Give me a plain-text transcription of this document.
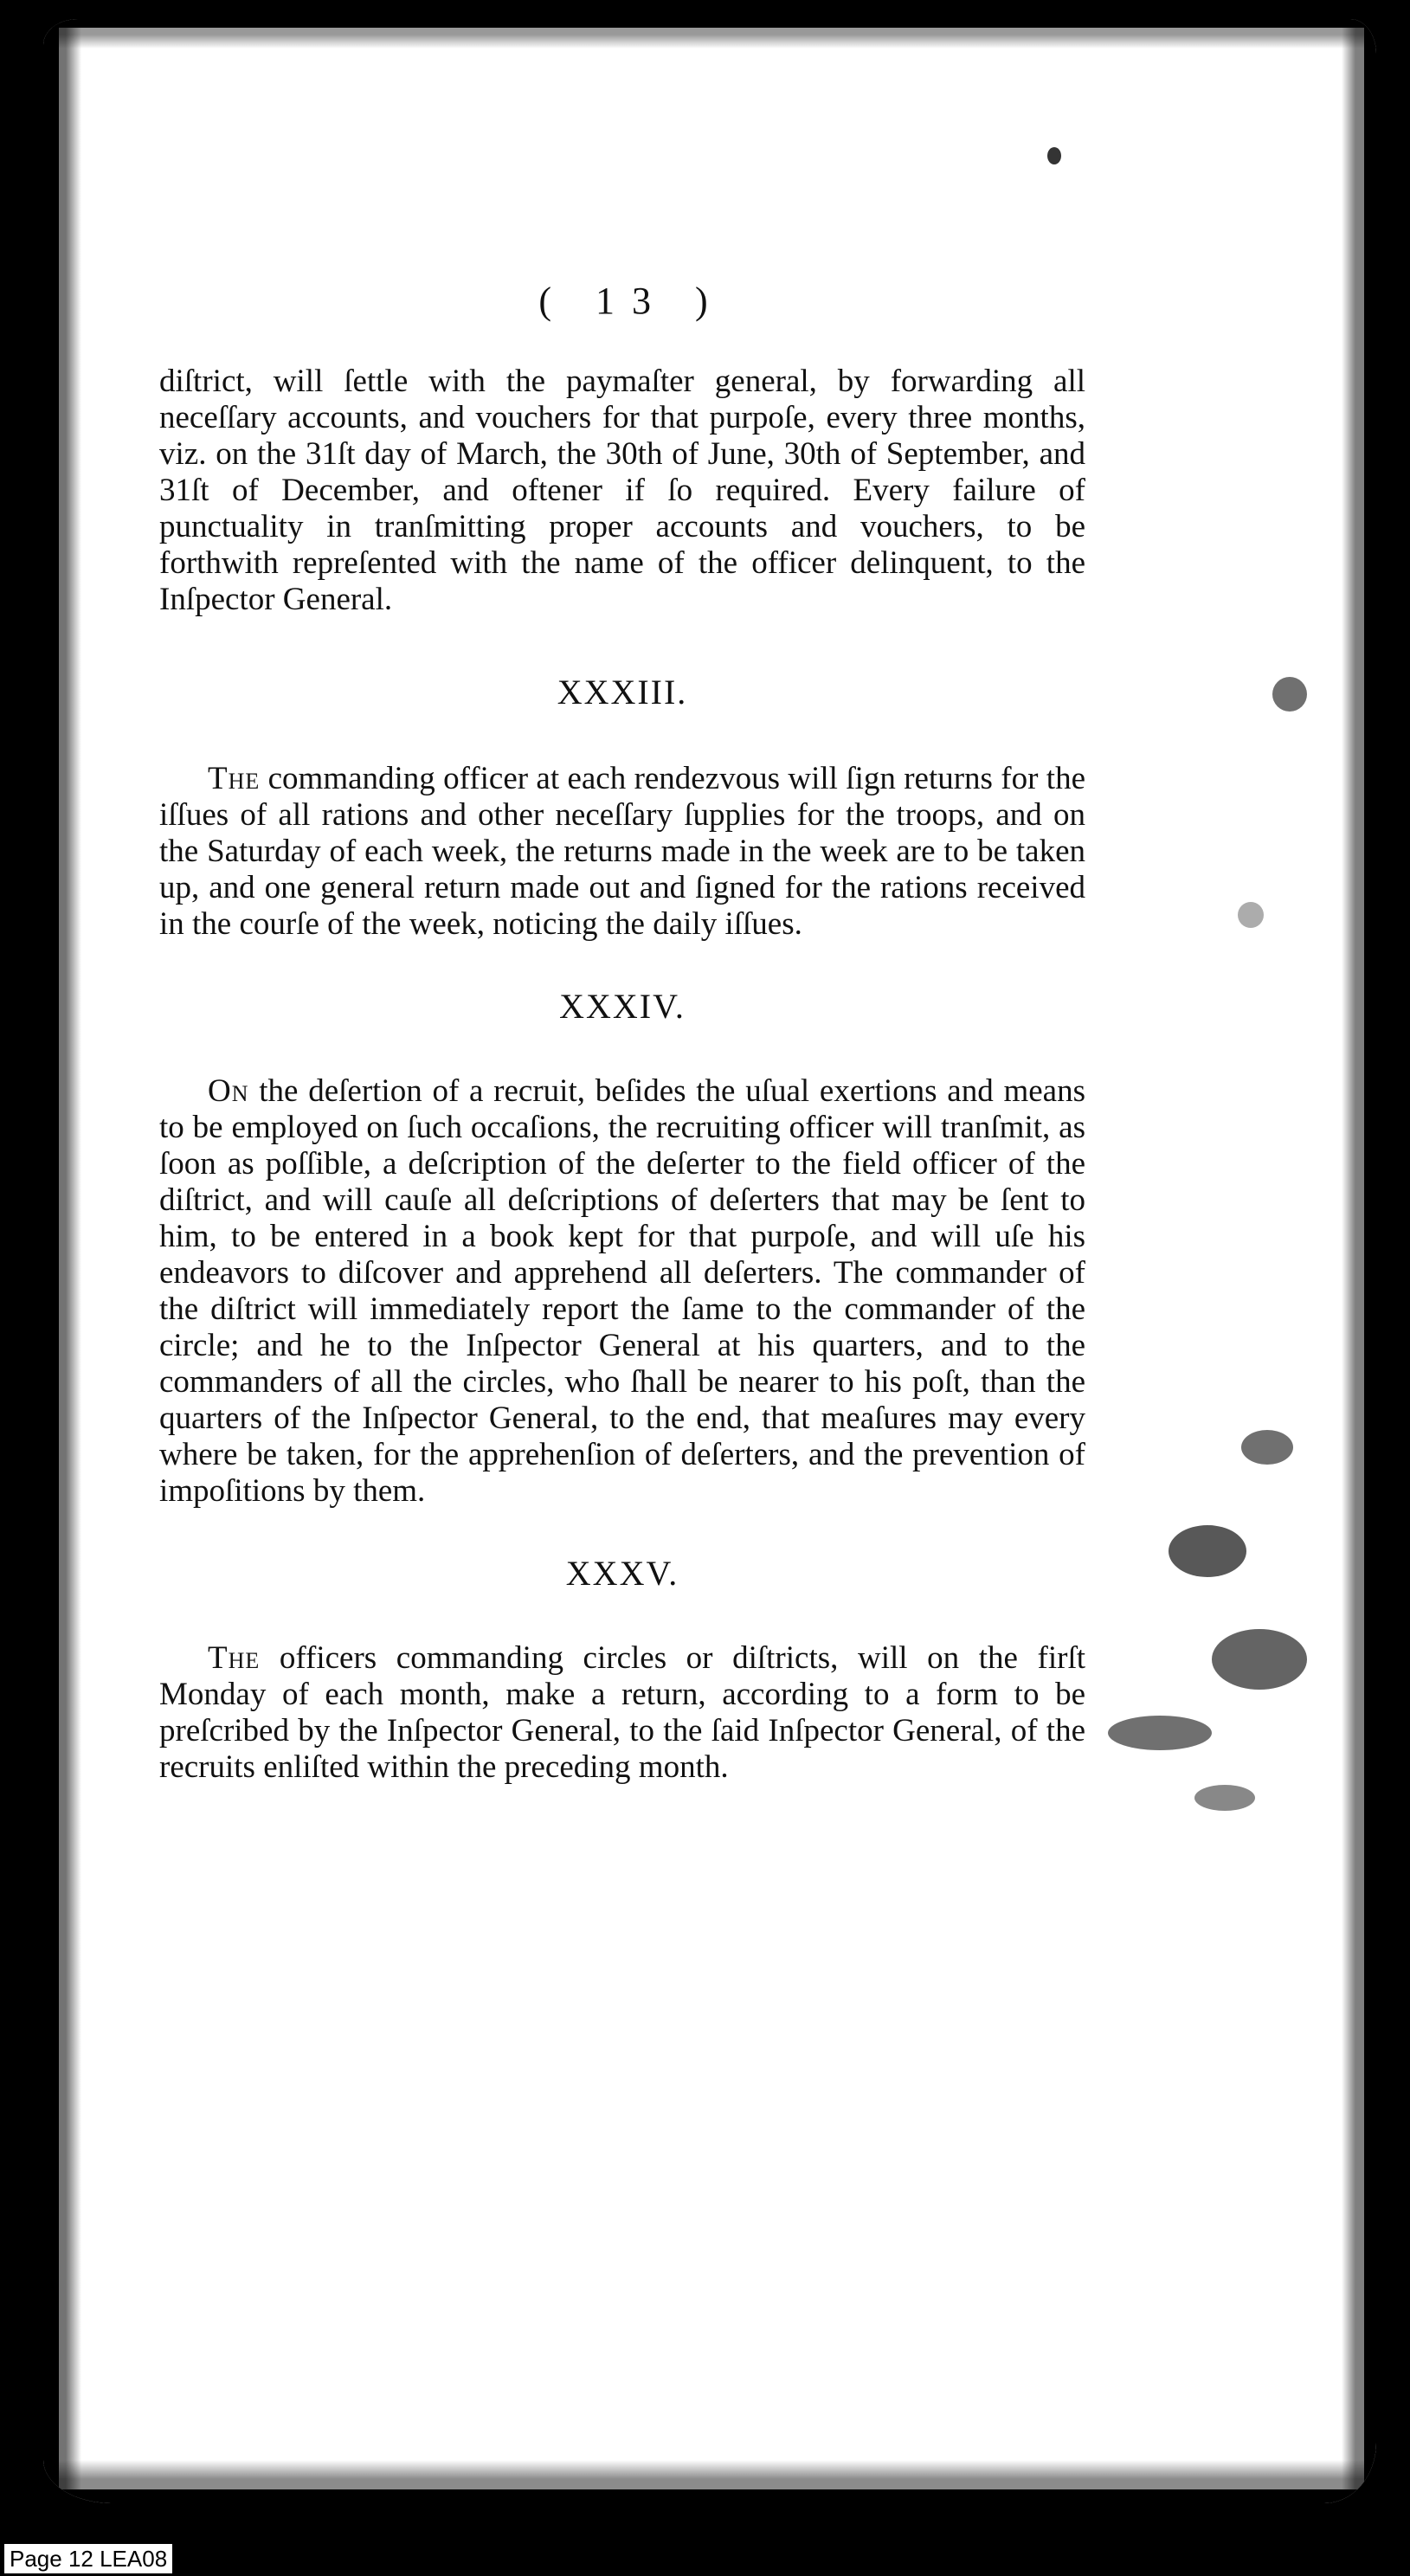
( 13 )

diſtrict, will ſettle with the paymaſter general, by forwarding all neceſſary accounts, and vouchers for that purpoſe, every three months, viz. on the 31ſt day of March, the 30th of June, 30th of September, and 31ſt of December, and oftener if ſo required. Every failure of punctuality in tranſmitting proper accounts and vouchers, to be forthwith repreſented with the name of the officer delinquent, to the Inſpector General.

XXXIII.

The commanding officer at each rendezvous will ſign returns for the iſſues of all rations and other neceſſary ſupplies for the troops, and on the Saturday of each week, the returns made in the week are to be taken up, and one general return made out and ſigned for the rations received in the courſe of the week, noticing the daily iſſues.

XXXIV.

On the deſertion of a recruit, beſides the uſual exertions and means to be employed on ſuch occaſions, the recruiting officer will tranſmit, as ſoon as poſſible, a deſcription of the deſerter to the field officer of the diſtrict, and will cauſe all deſcriptions of deſerters that may be ſent to him, to be entered in a book kept for that purpoſe, and will uſe his endeavors to diſcover and apprehend all deſerters. The commander of the diſtrict will immediately report the ſame to the commander of the circle; and he to the Inſpector General at his quarters, and to the commanders of all the circles, who ſhall be nearer to his poſt, than the quarters of the Inſpector General, to the end, that meaſures may every where be taken, for the apprehenſion of deſerters, and the prevention of impoſitions by them.

XXXV.

The officers commanding circles or diſtricts, will on the firſt Monday of each month, make a return, according to a form to be preſcribed by the Inſpector General, to the ſaid Inſpector General, of the recruits enliſted within the preceding month.

Page 12 LEA08
